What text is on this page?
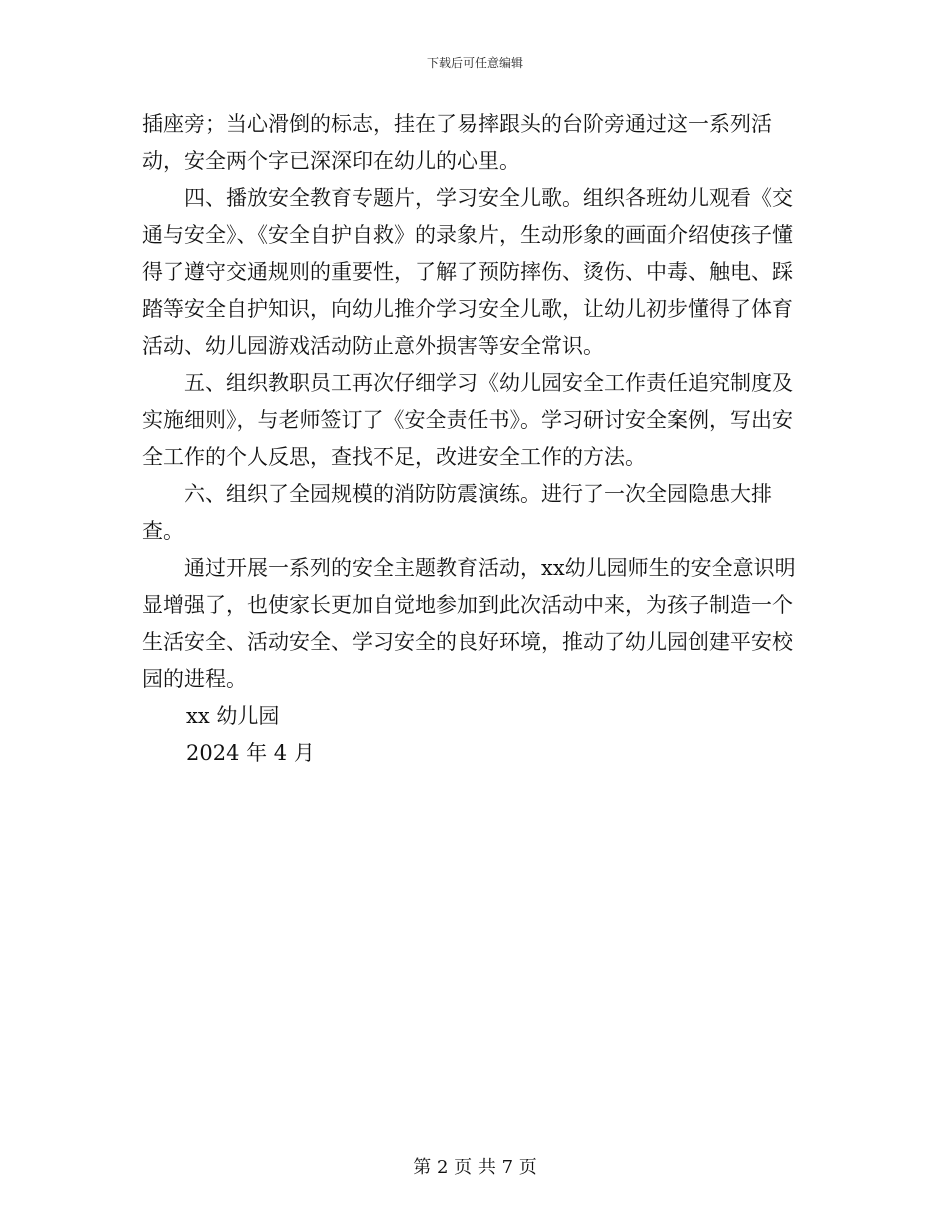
下载后可任意编辑

插座旁；当心滑倒的标志，挂在了易摔跟头的台阶旁通过这一系列活动，安全两个字已深深印在幼儿的心里。

四、播放安全教育专题片，学习安全儿歌。组织各班幼儿观看《交通与安全》、《安全自护自救》的录象片，生动形象的画面介绍使孩子懂得了遵守交通规则的重要性，了解了预防摔伤、烫伤、中毒、触电、踩踏等安全自护知识，向幼儿推介学习安全儿歌，让幼儿初步懂得了体育活动、幼儿园游戏活动防止意外损害等安全常识。

五、组织教职员工再次仔细学习《幼儿园安全工作责任追究制度及实施细则》，与老师签订了《安全责任书》。学习研讨安全案例，写出安全工作的个人反思，查找不足，改进安全工作的方法。

六、组织了全园规模的消防防震演练。进行了一次全园隐患大排查。

通过开展一系列的安全主题教育活动，xx幼儿园师生的安全意识明显增强了，也使家长更加自觉地参加到此次活动中来，为孩子制造一个生活安全、活动安全、学习安全的良好环境，推动了幼儿园创建平安校园的进程。

xx 幼儿园

2024 年 4 月

第 2 页 共 7 页
